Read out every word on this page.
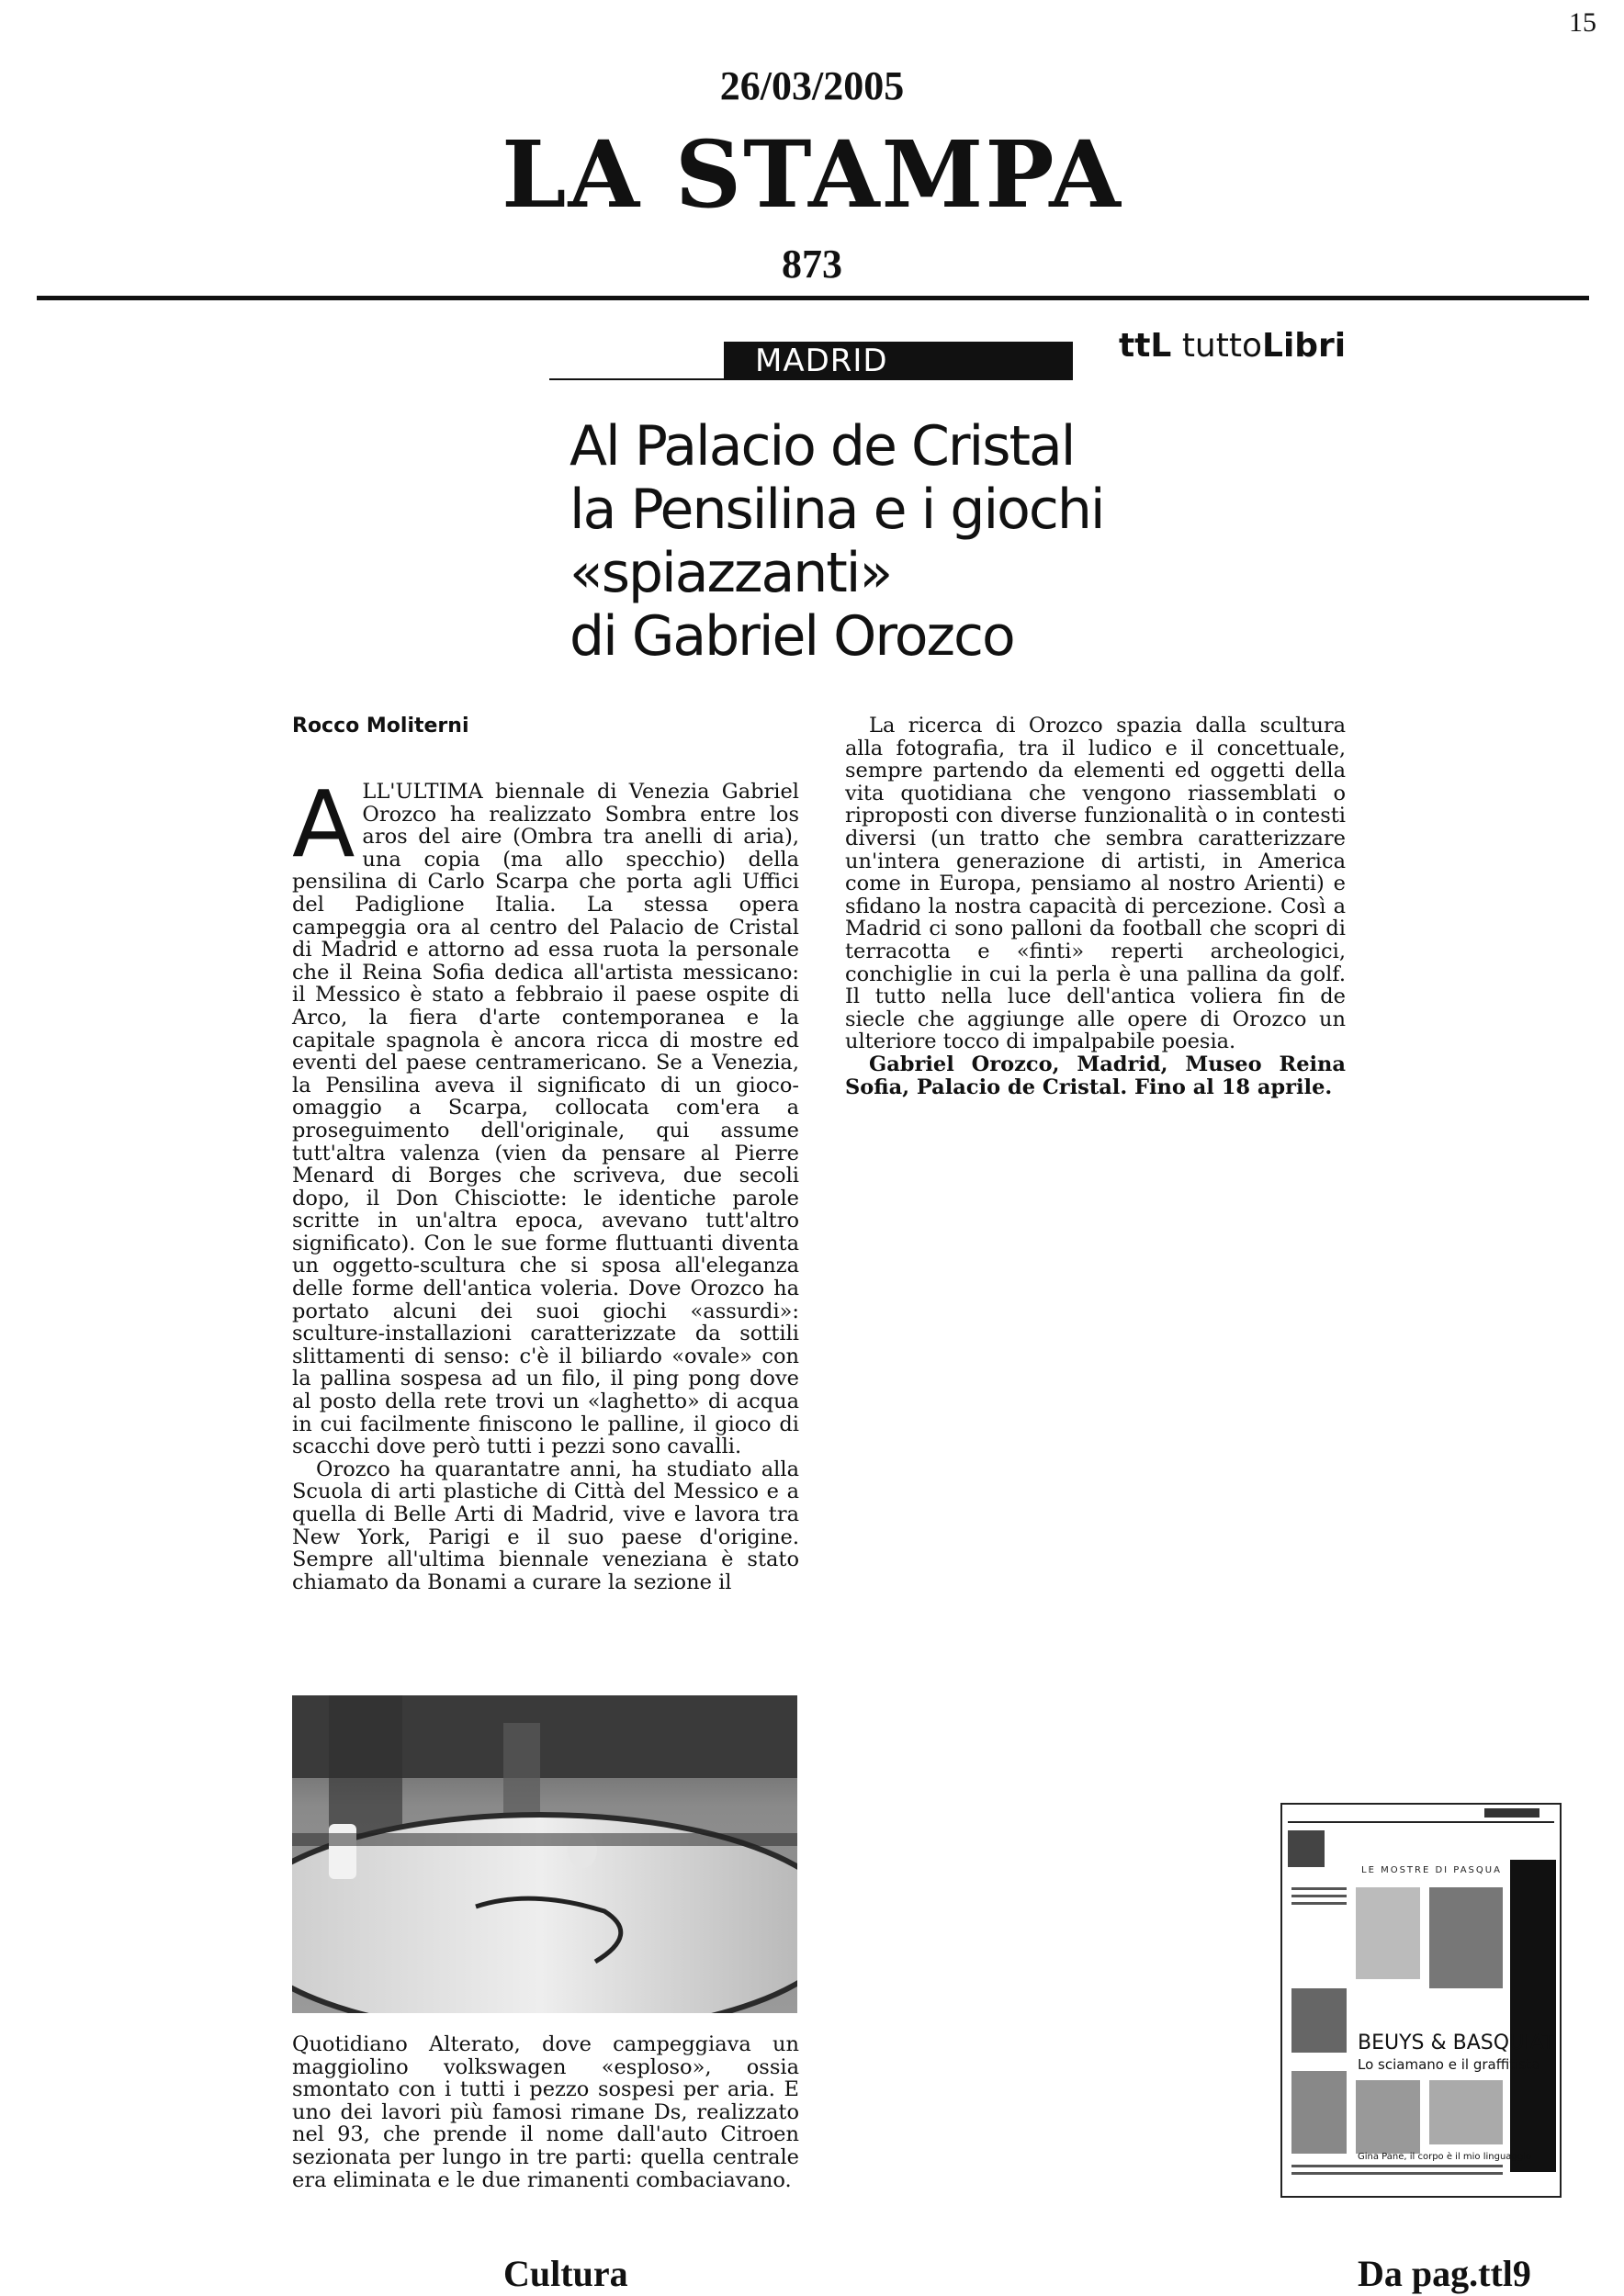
15
26/03/2005
LA STAMPA
873
MADRID	ttL tuttoLibri
Al Palacio de Cristal
la Pensilina e i giochi
«spiazzanti»
di Gabriel Orozco
Rocco Moliterni
A LL'ULTIMA biennale di Venezia Gabriel Orozco ha realizzato Sombra entre los aros del aire (Ombra tra anelli di aria), una copia (ma allo specchio) della pensilina di Carlo Scarpa che porta agli Uffici del Padiglione Italia. La stessa opera campeggia ora al centro del Palacio de Cristal di Madrid e attorno ad essa ruota la personale che il Reina Sofia dedica all'artista messicano: il Messico è stato a febbraio il paese ospite di Arco, la fiera d'arte contemporanea e la capitale spagnola è ancora ricca di mostre ed eventi del paese centramericano. Se a Venezia, la Pensilina aveva il significato di un gioco-omaggio a Scarpa, collocata com'era a proseguimento dell'originale, qui assume tutt'altra valenza (vien da pensare al Pierre Menard di Borges che scriveva, due secoli dopo, il Don Chisciotte: le identiche parole scritte in un'altra epoca, avevano tutt'altro significato). Con le sue forme fluttuanti diventa un oggetto-scultura che si sposa all'eleganza delle forme dell'antica voleria. Dove Orozco ha portato alcuni dei suoi giochi «assurdi»: sculture-installazioni caratterizzate da sottili slittamenti di senso: c'è il biliardo «ovale» con la pallina sospesa ad un filo, il ping pong dove al posto della rete trovi un «laghetto» di acqua in cui facilmente finiscono le palline, il gioco di scacchi dove però tutti i pezzi sono cavalli.

Orozco ha quarantatre anni, ha studiato alla Scuola di arti plastiche di Città del Messico e a quella di Belle Arti di Madrid, vive e lavora tra New York, Parigi e il suo paese d'origine. Sempre all'ultima biennale veneziana è stato chiamato da Bonami a curare la sezione il

Quotidiano Alterato, dove campeggiava un maggiolino volkswagen «esploso», ossia smontato con i tutti i pezzo sospesi per aria. E uno dei lavori più famosi rimane Ds, realizzato nel 93, che prende il nome dall'auto Citroen sezionata per lungo in tre parti: quella centrale era eliminata e le due rimanenti combaciavano.

La ricerca di Orozco spazia dalla scultura alla fotografia, tra il ludico e il concettuale, sempre partendo da elementi ed oggetti della vita quotidiana che vengono riassemblati o riproposti con diverse funzionalità o in contesti diversi (un tratto che sembra caratterizzare un'intera generazione di artisti, in America come in Europa, pensiamo al nostro Arienti) e sfidano la nostra capacità di percezione. Così a Madrid ci sono palloni da football che scopri di terracotta e «finti» reperti archeologici, conchiglie in cui la perla è una pallina da golf. Il tutto nella luce dell'antica voliera fin de siecle che aggiunge alle opere di Orozco un ulteriore tocco di impalpabile poesia.

Gabriel Orozco, Madrid, Museo Reina Sofia, Palacio de Cristal. Fino al 18 aprile.

Cultura	Da pag.ttl9
LE MOSTRE DI PASQUA
BEUYS & BASQUIAT
Lo sciamano e il graffitista
Gina Pane, il corpo è il mio linguaggio
